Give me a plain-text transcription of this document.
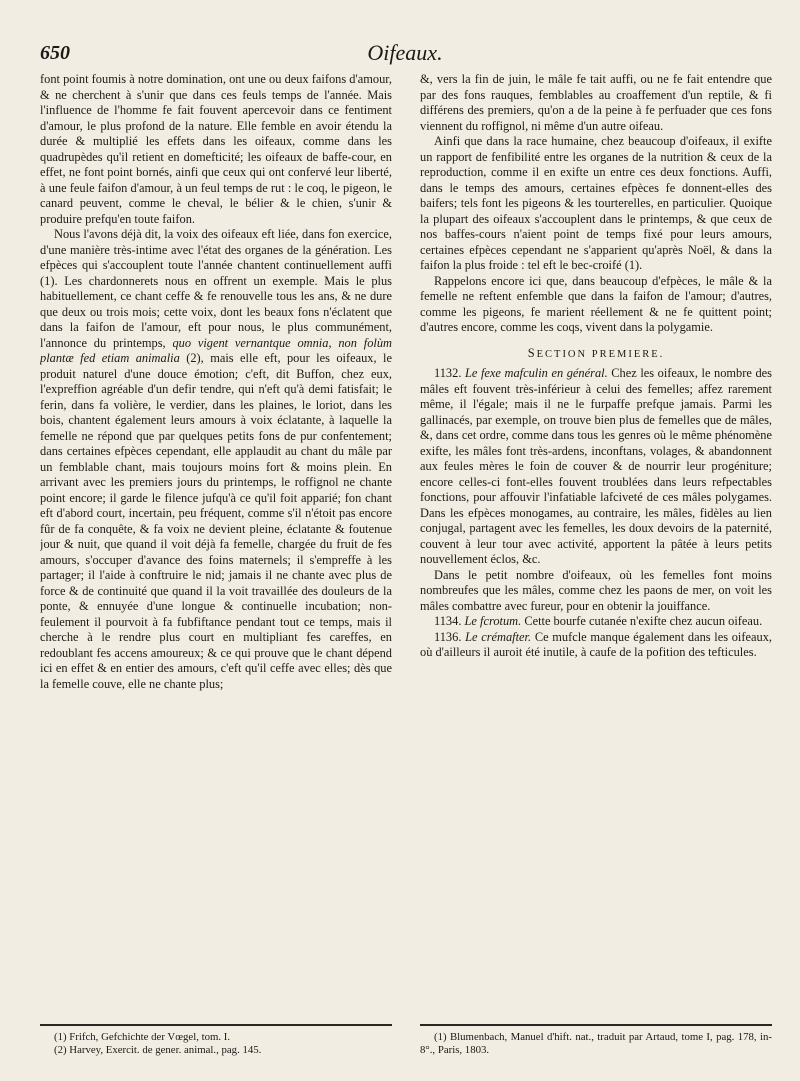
650	Oifeaux.

font point foumis à notre domination, ont une ou deux faifons d'amour, & ne cherchent à s'unir que dans ces feuls temps de l'année. Mais l'influence de l'homme fe fait fouvent apercevoir dans ce fentiment d'amour, le plus profond de la nature. Elle femble en avoir étendu la durée & multiplié les effets dans les oifeaux, comme dans les quadrupèdes qu'il retient en domefticité; les oifeaux de baffe-cour, en effet, ne font point bornés, ainfi que ceux qui ont confervé leur liberté, à une feule faifon d'amour, à un feul temps de rut : le coq, le pigeon, le canard peuvent, comme le cheval, le bélier & le chien, s'unir & produire prefqu'en toute faifon.

Nous l'avons déjà dit, la voix des oifeaux eft liée, dans fon exercice, d'une manière très-intime avec l'état des organes de la génération. Les efpèces qui s'accouplent toute l'année chantent continuellement auffi (1). Les chardonnerets nous en offrent un exemple. Mais le plus habituellement, ce chant ceffe & fe renouvelle tous les ans, & ne dure que deux ou trois mois; cette voix, dont les beaux fons n'éclatent que dans la faifon de l'amour, eft pour nous, le plus communément, l'annonce du printemps, quo vigent vernantque omnia, non folùm plantæ fed etiam animalia (2), mais elle eft, pour les oifeaux, le produit naturel d'une douce émotion; c'eft, dit Buffon, chez eux, l'expreffion agréable d'un defir tendre, qui n'eft qu'à demi fatisfait; le ferin, dans fa volière, le verdier, dans les plaines, le loriot, dans les bois, chantent également leurs amours à voix éclatante, à laquelle la femelle ne répond que par quelques petits fons de pur confentement; dans certaines efpèces cependant, elle applaudit au chant du mâle par un femblable chant, mais toujours moins fort & moins plein. En arrivant avec les premiers jours du printemps, le roffignol ne chante point encore; il garde le filence jufqu'à ce qu'il foit apparié; fon chant eft d'abord court, incertain, peu fréquent, comme s'il n'étoit pas encore fûr de fa conquête, & fa voix ne devient pleine, éclatante & foutenue jour & nuit, que quand il voit déjà fa femelle, chargée du fruit de fes amours, s'occuper d'avance des foins maternels; il s'empreffe à les partager; il l'aide à conftruire le nid; jamais il ne chante avec plus de force & de continuité que quand il la voit travaillée des douleurs de la ponte, & ennuyée d'une longue & continuelle incubation; non-feulement il pourvoit à fa fubfiftance pendant tout ce temps, mais il cherche à le rendre plus court en multipliant fes careffes, en redoublant fes accens amoureux; & ce qui prouve que le chant dépend ici en effet & en entier des amours, c'eft qu'il ceffe avec elles; dès que la femelle couve, elle ne chante plus;

(1) Frifch, Gefchichte der Vœgel, tom. I.

(2) Harvey, Exercit. de gener. animal., pag. 145.

&, vers la fin de juin, le mâle fe tait auffi, ou ne fe fait entendre que par des fons rauques, femblables au croaffement d'un reptile, & fi différens des premiers, qu'on a de la peine à fe perfuader que ces fons viennent du roffignol, ni même d'un autre oifeau.

Ainfi que dans la race humaine, chez beaucoup d'oifeaux, il exifte un rapport de fenfibilité entre les organes de la nutrition & ceux de la reproduction, comme il en exifte un entre ces deux fonctions. Auffi, dans le temps des amours, certaines efpèces fe donnent-elles des baifers; tels font les pigeons & les tourterelles, en particulier. Quoique la plupart des oifeaux s'accouplent dans le printemps, & que ceux de nos baffes-cours n'aient point de temps fixé pour leurs amours, certaines efpèces cependant ne s'apparient qu'après Noël, & dans la faifon la plus froide : tel eft le bec-croifé (1).

Rappelons encore ici que, dans beaucoup d'efpèces, le mâle & la femelle ne reftent enfemble que dans la faifon de l'amour; d'autres, comme les pigeons, fe marient réellement & ne fe quittent point; d'autres encore, comme les coqs, vivent dans la polygamie.

SECTION PREMIERE.

1132. Le fexe mafculin en général. Chez les oifeaux, le nombre des mâles eft fouvent très-inférieur à celui des femelles; affez rarement même, il l'égale; mais il ne le furpaffe prefque jamais. Parmi les gallinacés, par exemple, on trouve bien plus de femelles que de mâles, &, dans cet ordre, comme dans tous les genres où le même phénomène exifte, les mâles font très-ardens, inconftans, volages, & abandonnent aux feules mères le foin de couver & de nourrir leur progéniture; encore celles-ci font-elles fouvent troublées dans leurs refpectables fonctions, pour affouvir l'infatiable lafciveté de ces mâles polygames. Dans les efpèces monogames, au contraire, les mâles, fidèles au lien conjugal, partagent avec les femelles, les doux devoirs de la paternité, couvent à leur tour avec activité, apportent la pâtée à leurs petits nouvellement éclos, &c.

Dans le petit nombre d'oifeaux, où les femelles font moins nombreufes que les mâles, comme chez les paons de mer, on voit les mâles combattre avec fureur, pour en obtenir la jouiffance.

1134. Le fcrotum. Cette bourfe cutanée n'exifte chez aucun oifeau.

1136. Le crémafter. Ce mufcle manque également dans les oifeaux, où d'ailleurs il auroit été inutile, à caufe de la pofition des tefticules.

(1) Blumenbach, Manuel d'hift. nat., traduit par Artaud, tome I, pag. 178, in-8°., Paris, 1803.
